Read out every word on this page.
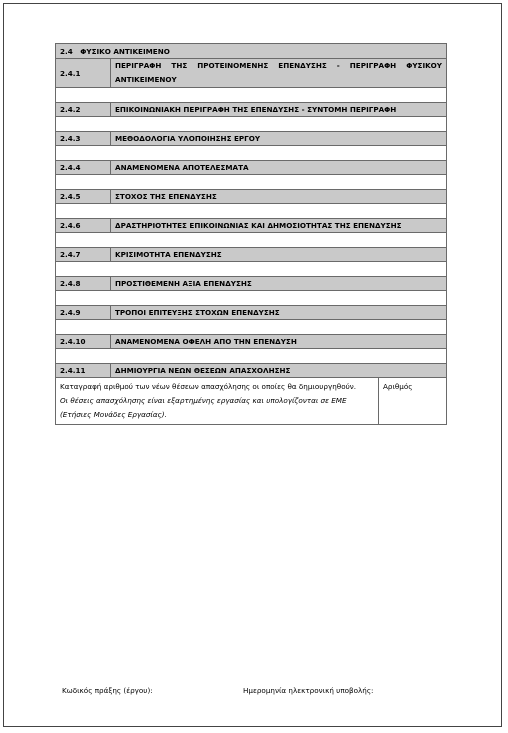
2.4 ΦΥΣΙΚΟ ΑΝΤΙΚΕΙΜΕΝΟ		
2.4.1	ΠΕΡΙΓΡΑΦΗ ΤΗΣ ΠΡΟΤΕΙΝΟΜΕΝΗΣ ΕΠΕΝΔΥΣΗΣ - ΠΕΡΙΓΡΑΦΗ ΦΥΣΙΚΟΥ ΑΝΤΙΚΕΙΜΕΝΟΥ	

2.4.2	ΕΠΙΚΟΙΝΩΝΙΑΚΗ ΠΕΡΙΓΡΑΦΗ ΤΗΣ ΕΠΕΝΔΥΣΗΣ - ΣΥΝΤΟΜΗ ΠΕΡΙΓΡΑΦΗ	

2.4.3	ΜΕΘΟΔΟΛΟΓΙΑ ΥΛΟΠΟΙΗΣΗΣ ΕΡΓΟΥ	

2.4.4	ΑΝΑΜΕΝΟΜΕΝΑ ΑΠΟΤΕΛΕΣΜΑΤΑ	

2.4.5	ΣΤΟΧΟΣ ΤΗΣ ΕΠΕΝΔΥΣΗΣ	

2.4.6	ΔΡΑΣΤΗΡΙΟΤΗΤΕΣ ΕΠΙΚΟΙΝΩΝΙΑΣ ΚΑΙ ΔΗΜΟΣΙΟΤΗΤΑΣ ΤΗΣ ΕΠΕΝΔΥΣΗΣ	

2.4.7	ΚΡΙΣΙΜΟΤΗΤΑ ΕΠΕΝΔΥΣΗΣ	

2.4.8	ΠΡΟΣΤΙΘΕΜΕΝΗ ΑΞΙΑ ΕΠΕΝΔΥΣΗΣ	

2.4.9	ΤΡΟΠΟΙ ΕΠΙΤΕΥΞΗΣ ΣΤΟΧΩΝ ΕΠΕΝΔΥΣΗΣ	

2.4.10	ΑΝΑΜΕΝΟΜΕΝΑ ΟΦΕΛΗ ΑΠΟ ΤΗΝ ΕΠΕΝΔΥΣΗ	

2.4.11	ΔΗΜΙΟΥΡΓΙΑ ΝΕΩΝ ΘΕΣΕΩΝ ΑΠΑΣΧΟΛΗΣΗΣ	

Καταγραφή αριθμού των νέων θέσεων απασχόλησης οι οποίες θα δημιουργηθούν.
Οι θέσεις απασχόλησης είναι εξαρτημένης εργασίας και υπολογίζονται σε ΕΜΕ
(Ετήσιες Μονάδες Εργασίας).		Αριθμός
Κωδικός πράξης (έργου):	Ημερομηνία ηλεκτρονική υποβολής:
